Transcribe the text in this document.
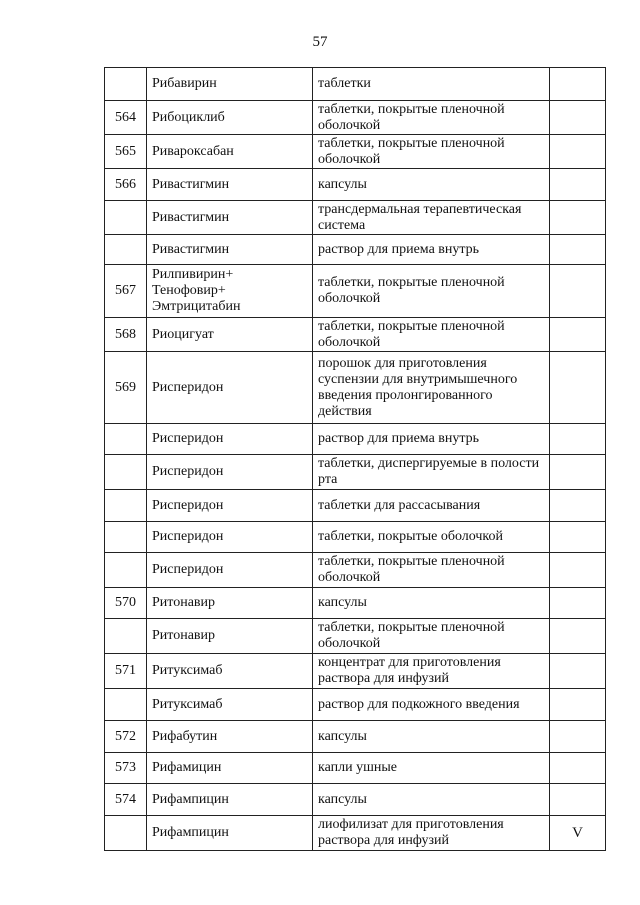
57
	Рибавирин	таблетки	
564	Рибоциклиб	таблетки, покрытые пленочной оболочкой	
565	Ривароксабан	таблетки, покрытые пленочной оболочкой	
566	Ривастигмин	капсулы	
	Ривастигмин	трансдермальная терапевтическая система	
	Ривастигмин	раствор для приема внутрь	
567	Рилпивирин+ Тенофовир+ Эмтрицитабин	таблетки, покрытые пленочной оболочкой	
568	Риоцигуат	таблетки, покрытые пленочной оболочкой	
569	Рисперидон	порошок для приготовления суспензии для внутримышечного введения пролонгированного действия	
	Рисперидон	раствор для приема внутрь	
	Рисперидон	таблетки, диспергируемые в полости рта	
	Рисперидон	таблетки для рассасывания	
	Рисперидон	таблетки, покрытые оболочкой	
	Рисперидон	таблетки, покрытые пленочной оболочкой	
570	Ритонавир	капсулы	
	Ритонавир	таблетки, покрытые пленочной оболочкой	
571	Ритуксимаб	концентрат для приготовления раствора для инфузий	
	Ритуксимаб	раствор для подкожного введения	
572	Рифабутин	капсулы	
573	Рифамицин	капли ушные	
574	Рифампицин	капсулы	
	Рифампицин	лиофилизат для приготовления раствора для инфузий	V
